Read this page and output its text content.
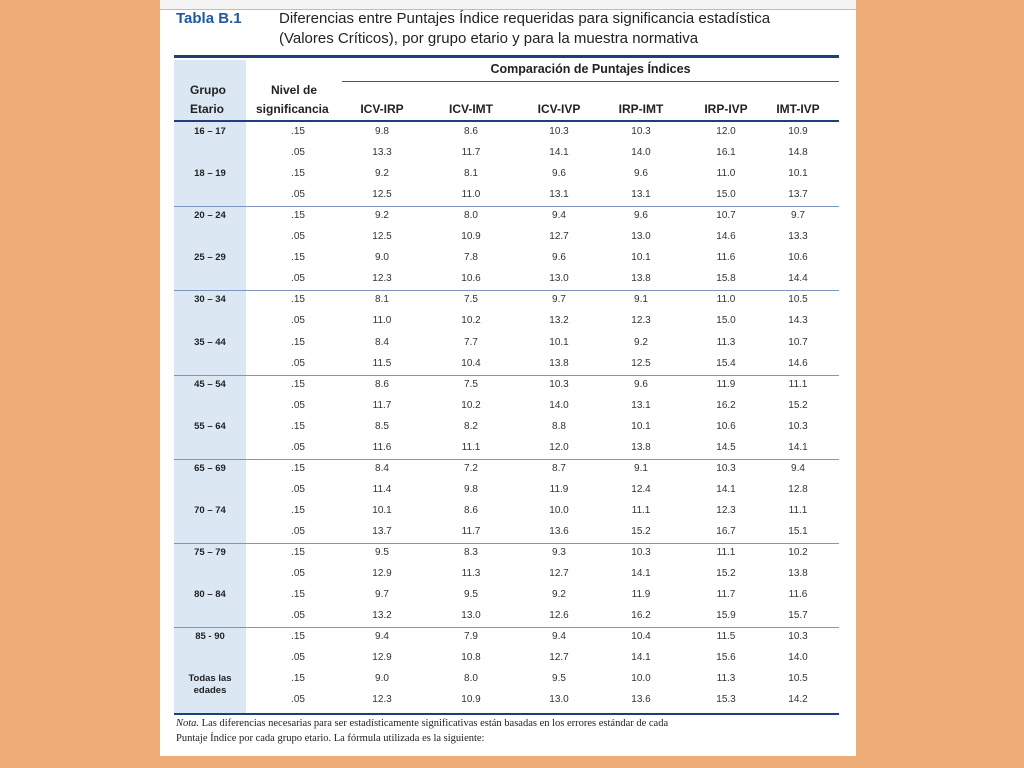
Tabla B.1 Diferencias entre Puntajes Índice requeridas para significancia estadística
(Valores Críticos), por grupo etario y para la muestra normativa
Grupo
Etario
Nivel de
significancia
Comparación de Puntajes Índices
ICV-IRP	ICV-IMT	ICV-IVP	IRP-IMT	IRP-IVP	IMT-IVP
16 – 17	.15	9.8	8.6	10.3	10.3	12.0	10.9
.05	13.3	11.7	14.1	14.0	16.1	14.8
18 – 19	.15	9.2	8.1	9.6	9.6	11.0	10.1
.05	12.5	11.0	13.1	13.1	15.0	13.7
20 – 24	.15	9.2	8.0	9.4	9.6	10.7	9.7
.05	12.5	10.9	12.7	13.0	14.6	13.3
25 – 29	.15	9.0	7.8	9.6	10.1	11.6	10.6
.05	12.3	10.6	13.0	13.8	15.8	14.4
30 – 34	.15	8.1	7.5	9.7	9.1	11.0	10.5
.05	11.0	10.2	13.2	12.3	15.0	14.3
35 – 44	.15	8.4	7.7	10.1	9.2	11.3	10.7
.05	11.5	10.4	13.8	12.5	15.4	14.6
45 – 54	.15	8.6	7.5	10.3	9.6	11.9	11.1
.05	11.7	10.2	14.0	13.1	16.2	15.2
55 – 64	.15	8.5	8.2	8.8	10.1	10.6	10.3
.05	11.6	11.1	12.0	13.8	14.5	14.1
65 – 69	.15	8.4	7.2	8.7	9.1	10.3	9.4
.05	11.4	9.8	11.9	12.4	14.1	12.8
70 – 74	.15	10.1	8.6	10.0	11.1	12.3	11.1
.05	13.7	11.7	13.6	15.2	16.7	15.1
75 – 79	.15	9.5	8.3	9.3	10.3	11.1	10.2
.05	12.9	11.3	12.7	14.1	15.2	13.8
80 – 84	.15	9.7	9.5	9.2	11.9	11.7	11.6
.05	13.2	13.0	12.6	16.2	15.9	15.7
85 - 90	.15	9.4	7.9	9.4	10.4	11.5	10.3
.05	12.9	10.8	12.7	14.1	15.6	14.0
Todas las edades
.15	9.0	8.0	9.5	10.0	11.3	10.5
.05	12.3	10.9	13.0	13.6	15.3	14.2
Nota. Las diferencias necesarias para ser estadísticamente significativas están basadas en los errores estándar de cada
Puntaje Índice por cada grupo etario. La fórmula utilizada es la siguiente:
